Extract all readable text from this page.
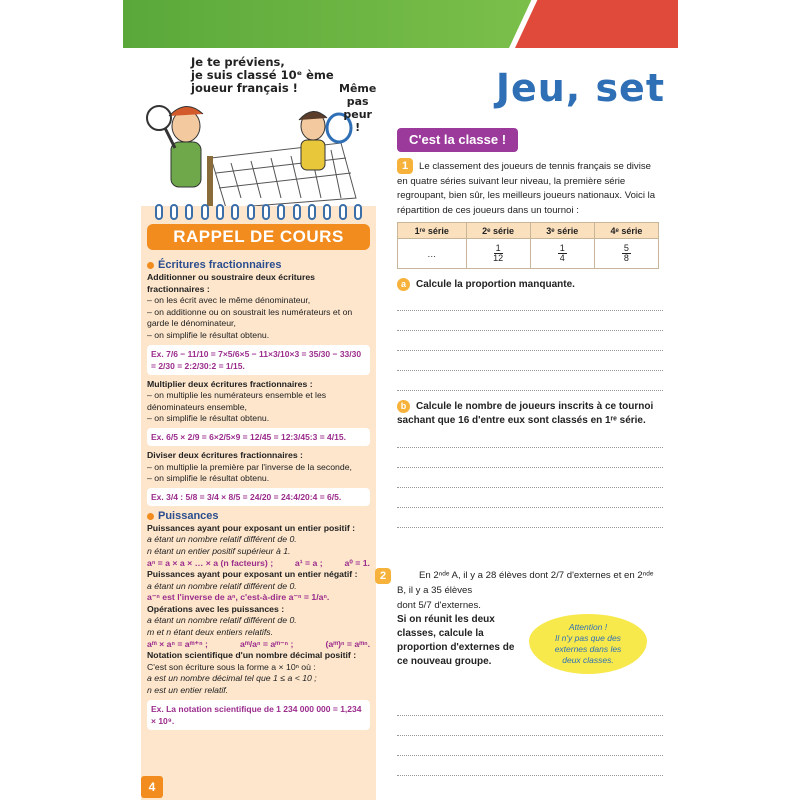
Je te préviens,
je suis classé 10ᵉ ème
joueur français !	Même
pas peur !
RAPPEL DE COURS
Écritures fractionnaires
Additionner ou soustraire deux écritures fractionnaires :
– on les écrit avec le même dénominateur,
– on additionne ou on soustrait les numérateurs et on garde le dénominateur,
– on simplifie le résultat obtenu.
Ex. 7/6 − 11/10 = 7×5/6×5 − 11×3/10×3 = 35/30 − 33/30 = 2/30 = 2:2/30:2 = 1/15.
Multiplier deux écritures fractionnaires :
– on multiplie les numérateurs ensemble et les dénominateurs ensemble,
– on simplifie le résultat obtenu.
Ex. 6/5 × 2/9 = 6×2/5×9 = 12/45 = 12:3/45:3 = 4/15.
Diviser deux écritures fractionnaires :
– on multiplie la première par l'inverse de la seconde,
– on simplifie le résultat obtenu.
Ex. 3/4 : 5/8 = 3/4 × 8/5 = 24/20 = 24:4/20:4 = 6/5.
Puissances
Puissances ayant pour exposant un entier positif :
a étant un nombre relatif différent de 0.
n étant un entier positif supérieur à 1.
aⁿ = a × a × … × a (n facteurs) ;	a¹ = a ;	a⁰ = 1.
Puissances ayant pour exposant un entier négatif :
a étant un nombre relatif différent de 0.
a⁻ⁿ est l'inverse de aⁿ, c'est-à-dire a⁻ⁿ = 1/aⁿ.
Opérations avec les puissances :
a étant un nombre relatif différent de 0.
m et n étant deux entiers relatifs.
aᵐ × aⁿ = aᵐ⁺ⁿ ;	aᵐ/aⁿ = aᵐ⁻ⁿ ;	(aᵐ)ⁿ = aᵐⁿ.
Notation scientifique d'un nombre décimal positif :
C'est son écriture sous la forme a × 10ⁿ où :
a est un nombre décimal tel que 1 ≤ a < 10 ;
n est un entier relatif.
Ex. La notation scientifique de 1 234 000 000 = 1,234 × 10⁹.
4
Jeu, set
C'est la classe !
Le classement des joueurs de tennis français se divise en quatre séries suivant leur niveau, la première série regroupant, bien sûr, les meilleurs joueurs nationaux. Voici la répartition de ces joueurs dans un tournoi :
1
1ʳᵉ série	2ᵉ série	3ᵉ série	4ᵉ série
…	$\frac{1}{12}$	$\frac{1}{4}$	$\frac{5}{8}$
a	Calcule la proportion manquante.
b Calcule le nombre de joueurs inscrits à ce tournoi sachant que 16 d'entre eux sont classés en 1ʳᵉ série.
2	En 2ⁿᵈᵉ A, il y a 28 élèves dont 2/7 d'externes et en 2ⁿᵈᵉ B, il y a 35 élèves
dont 5/7 d'externes.
Si on réunit les deux classes, calcule la proportion d'externes de ce nouveau groupe.
Attention !
Il n'y pas que des
externes dans les
deux classes.
